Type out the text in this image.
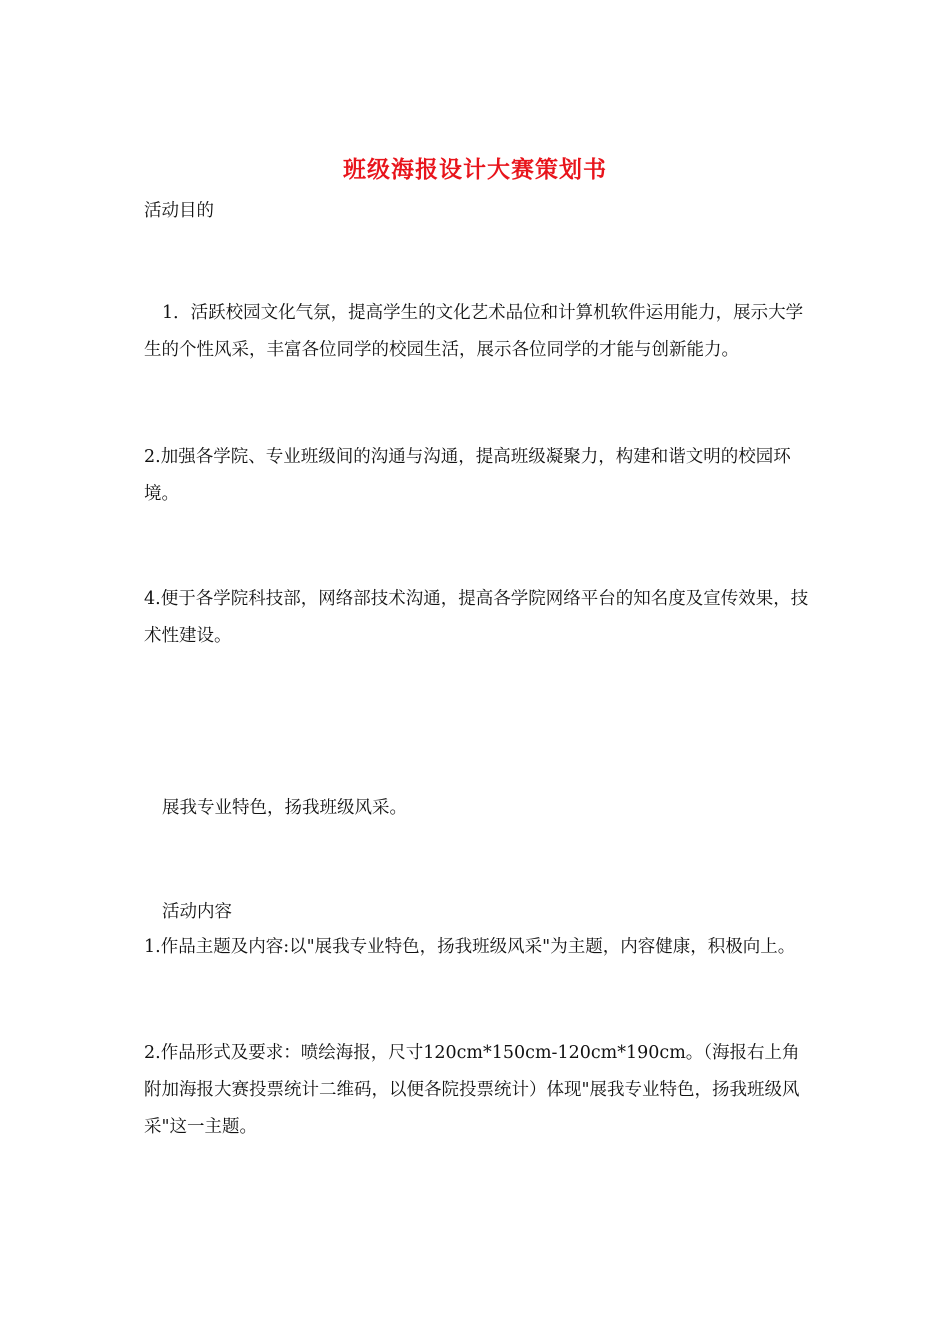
班级海报设计大赛策划书

活动目的

1．活跃校园文化气氛，提高学生的文化艺术品位和计算机软件运用能力，展示大学生的个性风采，丰富各位同学的校园生活，展示各位同学的才能与创新能力。

2.加强各学院、专业班级间的沟通与沟通，提高班级凝聚力，构建和谐文明的校园环境。

4.便于各学院科技部，网络部技术沟通，提高各学院网络平台的知名度及宣传效果，技术性建设。

展我专业特色，扬我班级风采。

活动内容

1.作品主题及内容:以"展我专业特色，扬我班级风采"为主题，内容健康，积极向上。

2.作品形式及要求：喷绘海报，尺寸120cm*150cm-120cm*190cm。（海报右上角附加海报大赛投票统计二维码，以便各院投票统计）体现"展我专业特色，扬我班级风采"这一主题。
